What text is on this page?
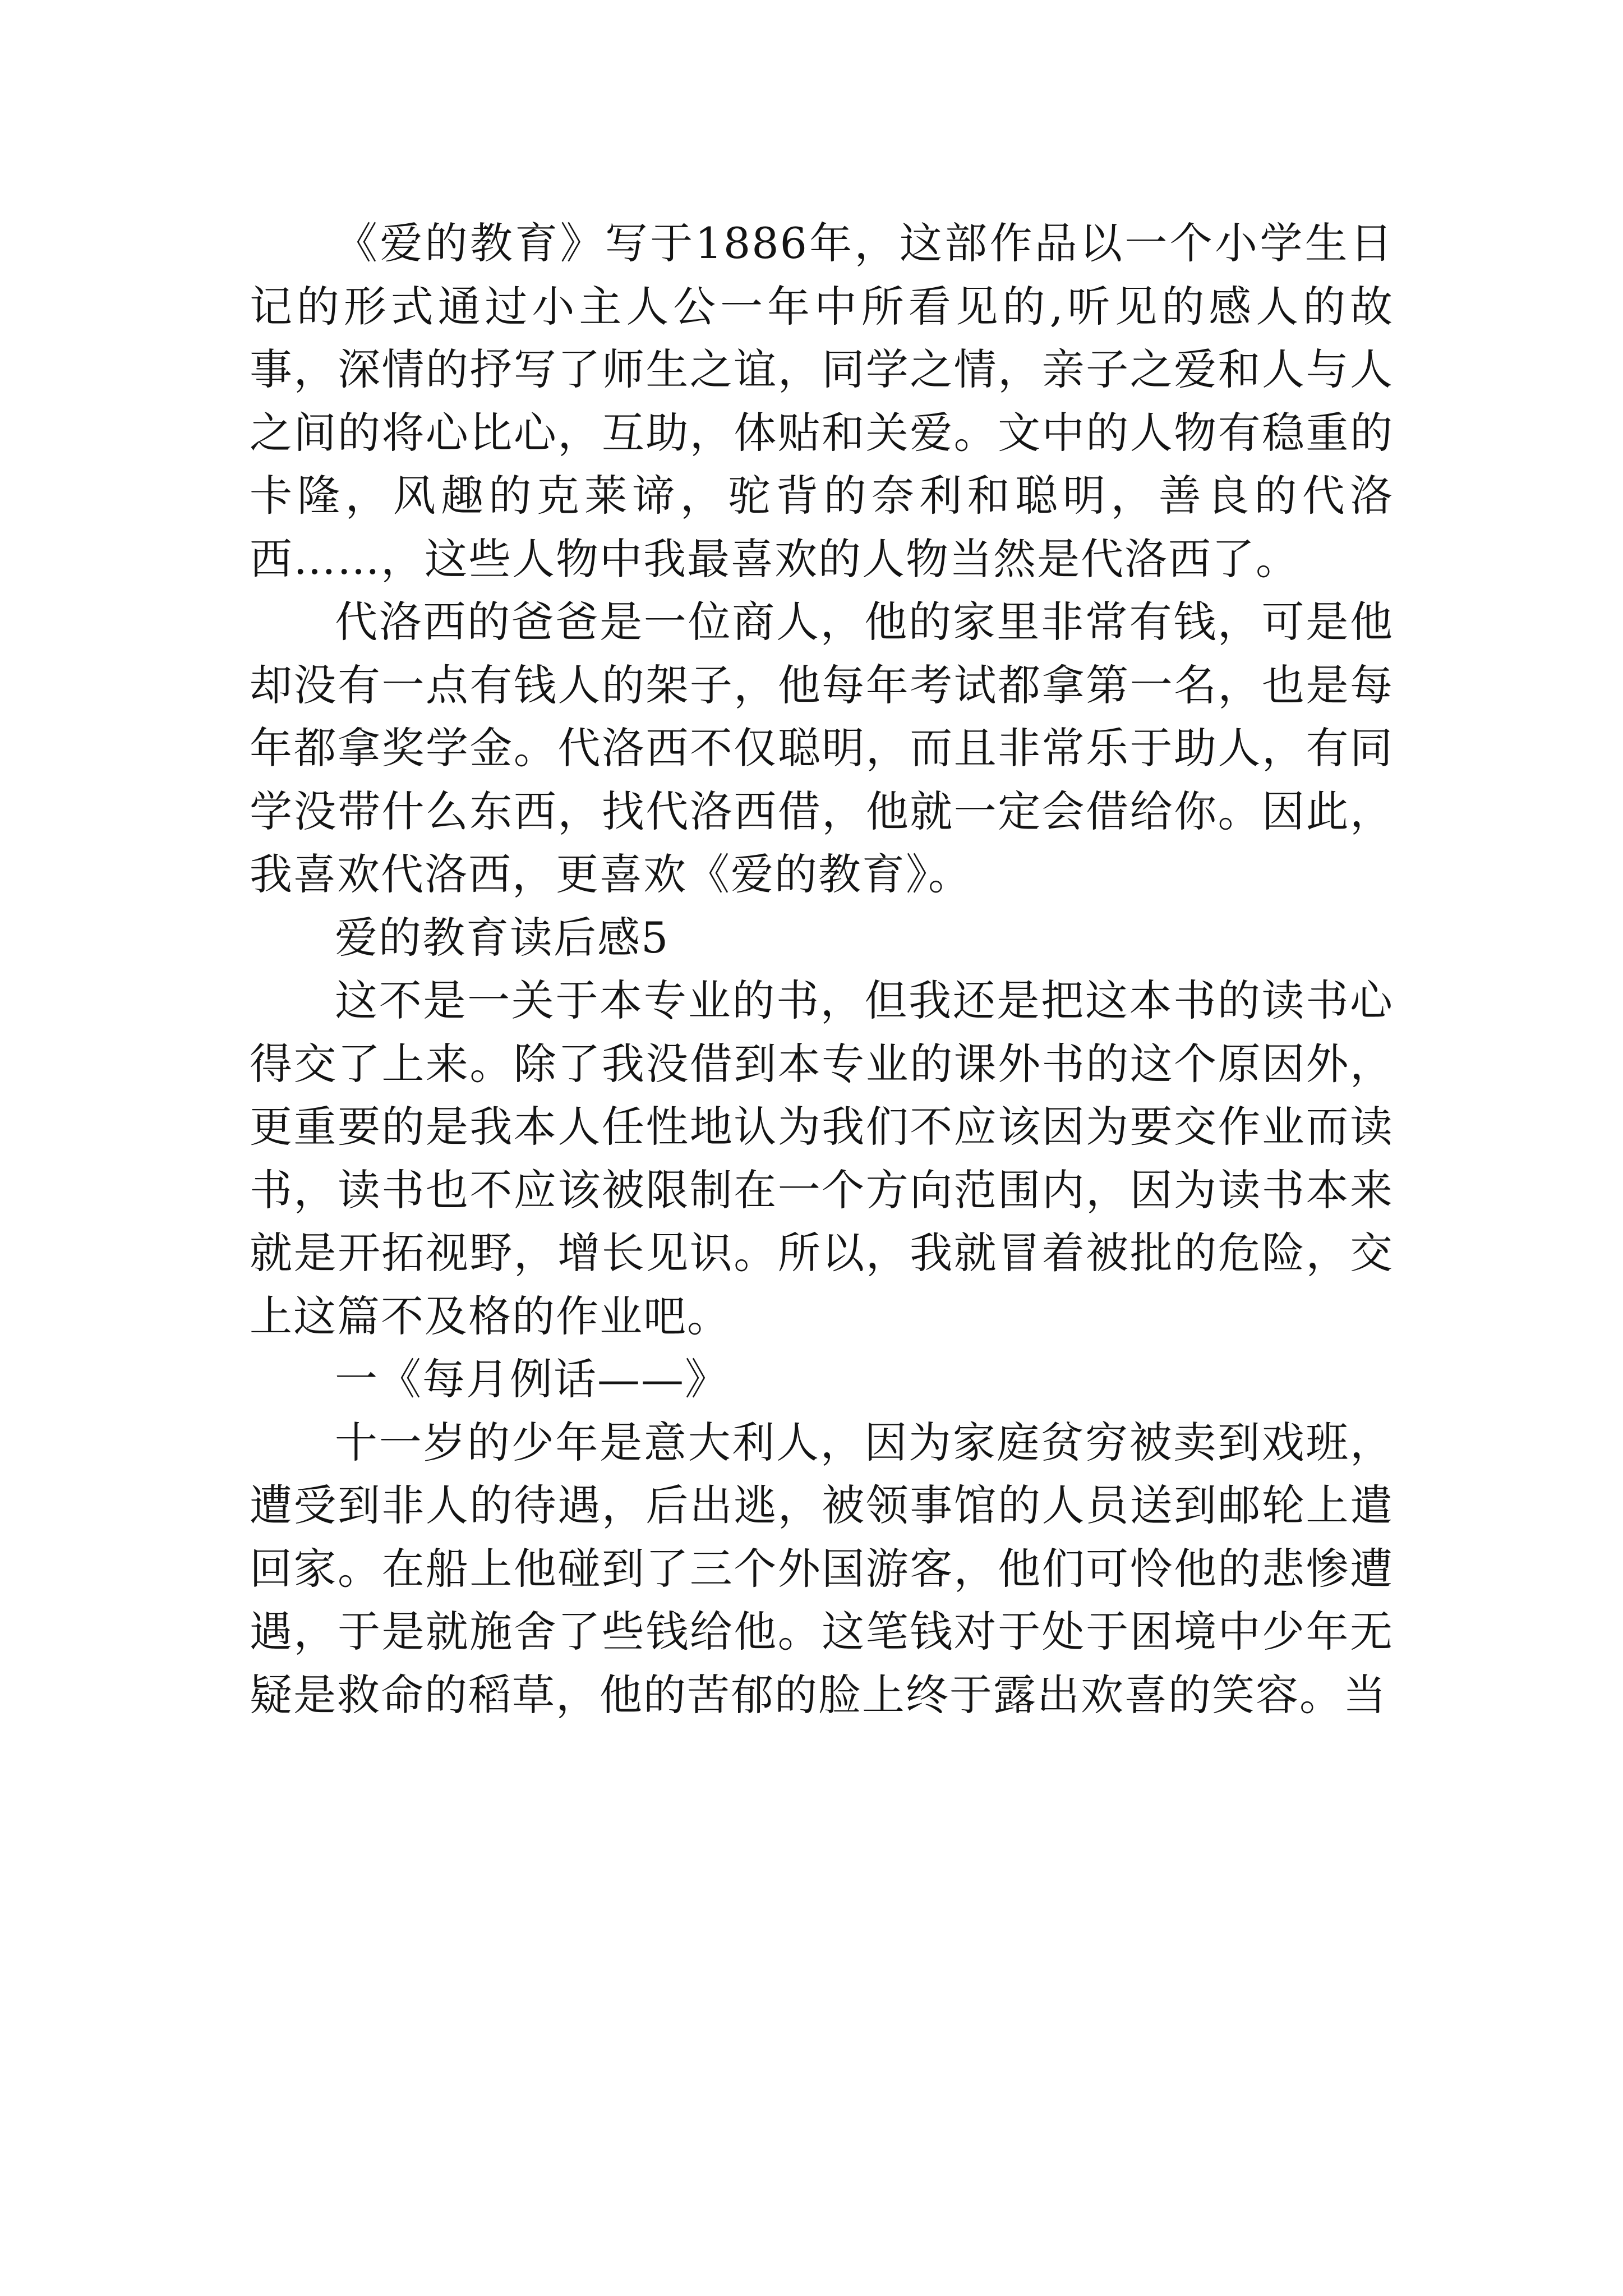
《爱的教育》写于1886年，这部作品以一个小学生日记的形式通过小主人公一年中所看见的,听见的感人的故事，深情的抒写了师生之谊，同学之情，亲子之爱和人与人之间的将心比心，互助，体贴和关爱。文中的人物有稳重的卡隆，风趣的克莱谛，驼背的奈利和聪明，善良的代洛西……，这些人物中我最喜欢的人物当然是代洛西了。

代洛西的爸爸是一位商人，他的家里非常有钱，可是他却没有一点有钱人的架子，他每年考试都拿第一名，也是每年都拿奖学金。代洛西不仅聪明，而且非常乐于助人，有同学没带什么东西，找代洛西借，他就一定会借给你。因此，我喜欢代洛西，更喜欢《爱的教育》。

爱的教育读后感5

这不是一关于本专业的书，但我还是把这本书的读书心得交了上来。除了我没借到本专业的课外书的这个原因外，更重要的是我本人任性地认为我们不应该因为要交作业而读书，读书也不应该被限制在一个方向范围内，因为读书本来就是开拓视野，增长见识。所以，我就冒着被批的危险，交上这篇不及格的作业吧。

一《每月例话——》

十一岁的少年是意大利人，因为家庭贫穷被卖到戏班，遭受到非人的待遇，后出逃，被领事馆的人员送到邮轮上遣回家。在船上他碰到了三个外国游客，他们可怜他的悲惨遭遇，于是就施舍了些钱给他。这笔钱对于处于困境中少年无疑是救命的稻草，他的苦郁的脸上终于露出欢喜的笑容。当
